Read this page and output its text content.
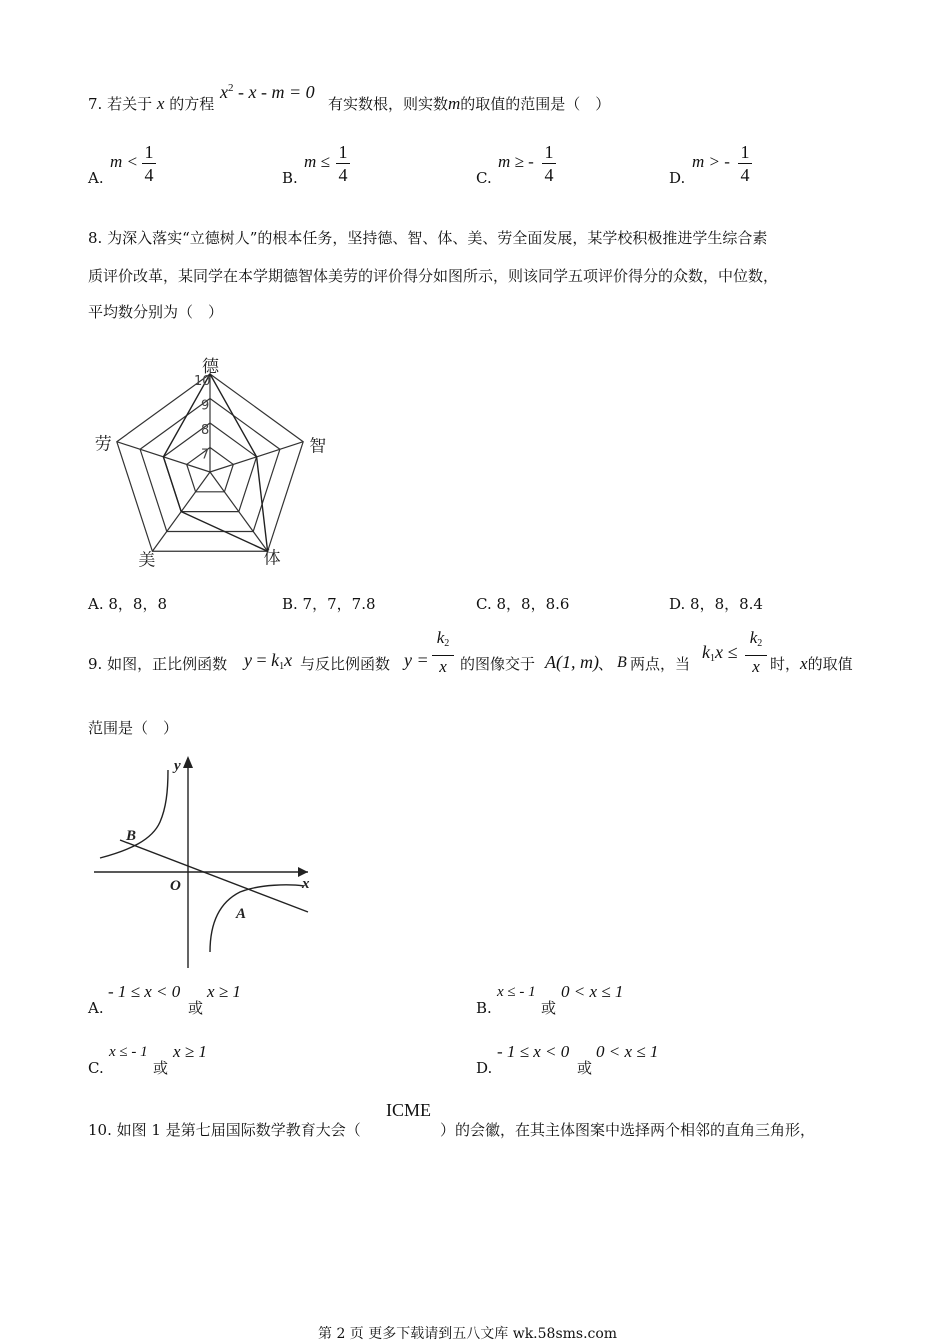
7. 若关于 x 的方程
$x^2 - x - m = 0$
有实数根，则实数m的取值的范围是（　）
A.
m < 1
4	B.
m ≤ 1
4	C.
m ≥ - 1
4	D.
m > - 1
4
8. 为深入落实“立德树人”的根本任务，坚持德、智、体、美、劳全面发展，某学校积极推进学生综合素
质评价改革，某同学在本学期德智体美劳的评价得分如图所示，则该同学五项评价得分的众数，中位数，
平均数分别为（　）
10
9
8
7
德
智
体
美
劳
A. 8，8，8	B. 7，7，7.8	C. 8，8，8.6	D. 8，8，8.4
9. 如图，正比例函数 $y = k_1x$ 与反比例函数 y =
$k_2$
x 的图像交于 A(1, m) 、 B 两点，当
$k_1x$ ≤
$k_2$
x 时，x的取值
范围是（　）
y
x
O
B
A
A.
- 1 ≤ x < 0
或
x ≥ 1
B.
x ≤ - 1
或
0 < x ≤ 1
C.
x ≤ - 1
或
x ≥ 1
D.
- 1 ≤ x < 0
或
0 < x ≤ 1
10. 如图 1 是第七届国际数学教育大会（
ICME
）的会徽，在其主体图案中选择两个相邻的直角三角形，
第 2 页 更多下载请到五八文库 wk.58sms.com
